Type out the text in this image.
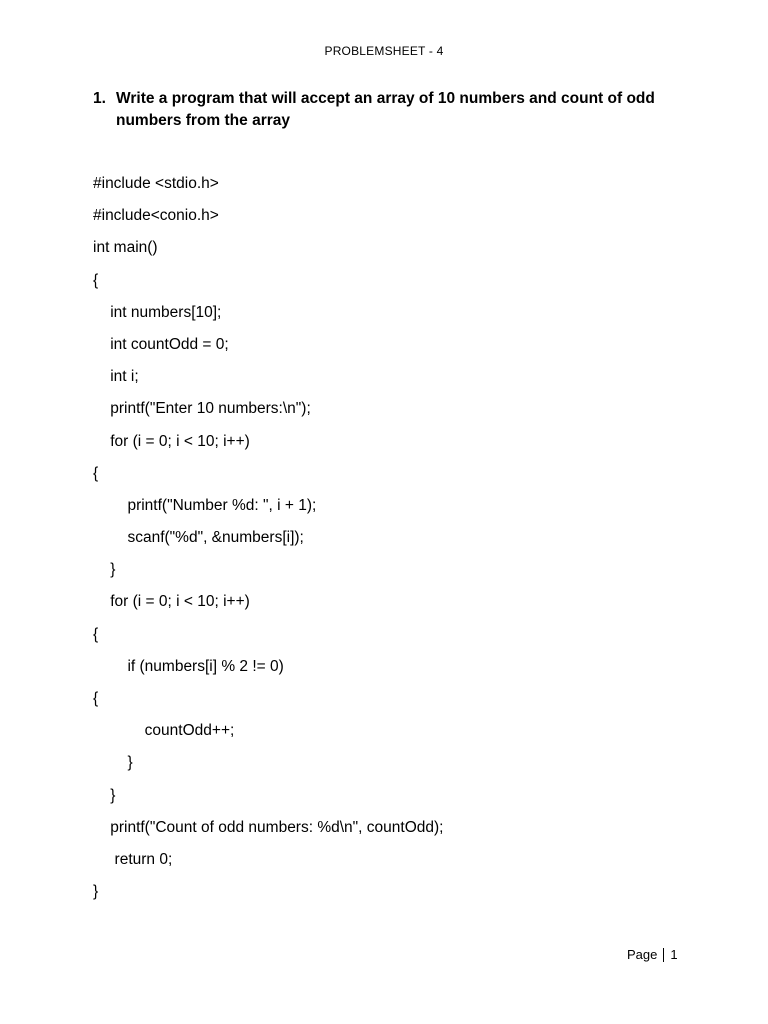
PROBLEMSHEET - 4
1. Write a program that will accept an array of 10 numbers and count of odd numbers from the array
#include <stdio.h>
#include<conio.h>
int main()
{
int numbers[10];
int countOdd = 0;
int i;
printf("Enter 10 numbers:\n");
for (i = 0; i < 10; i++)
{
printf("Number %d: ", i + 1);
scanf("%d", &numbers[i]);
}
for (i = 0; i < 10; i++)
{
if (numbers[i] % 2 != 0)
{
countOdd++;
}
}
printf("Count of odd numbers: %d\n", countOdd);
return 0;
}
Page 1
